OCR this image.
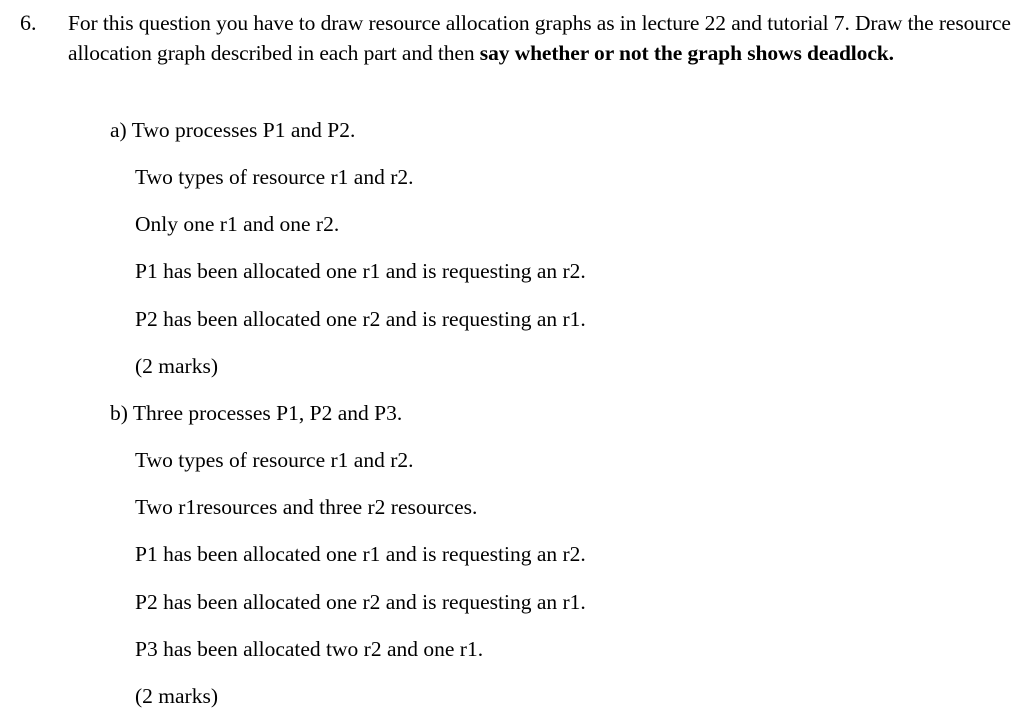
6. For this question you have to draw resource allocation graphs as in lecture 22 and tutorial 7. Draw the resource allocation graph described in each part and then say whether or not the graph shows deadlock.
a) Two processes P1 and P2.
Two types of resource r1 and r2.
Only one r1 and one r2.
P1 has been allocated one r1 and is requesting an r2.
P2 has been allocated one r2 and is requesting an r1.
(2 marks)
b) Three processes P1, P2 and P3.
Two types of resource r1 and r2.
Two r1resources and three r2 resources.
P1 has been allocated one r1 and is requesting an r2.
P2 has been allocated one r2 and is requesting an r1.
P3 has been allocated two r2 and one r1.
(2 marks)
